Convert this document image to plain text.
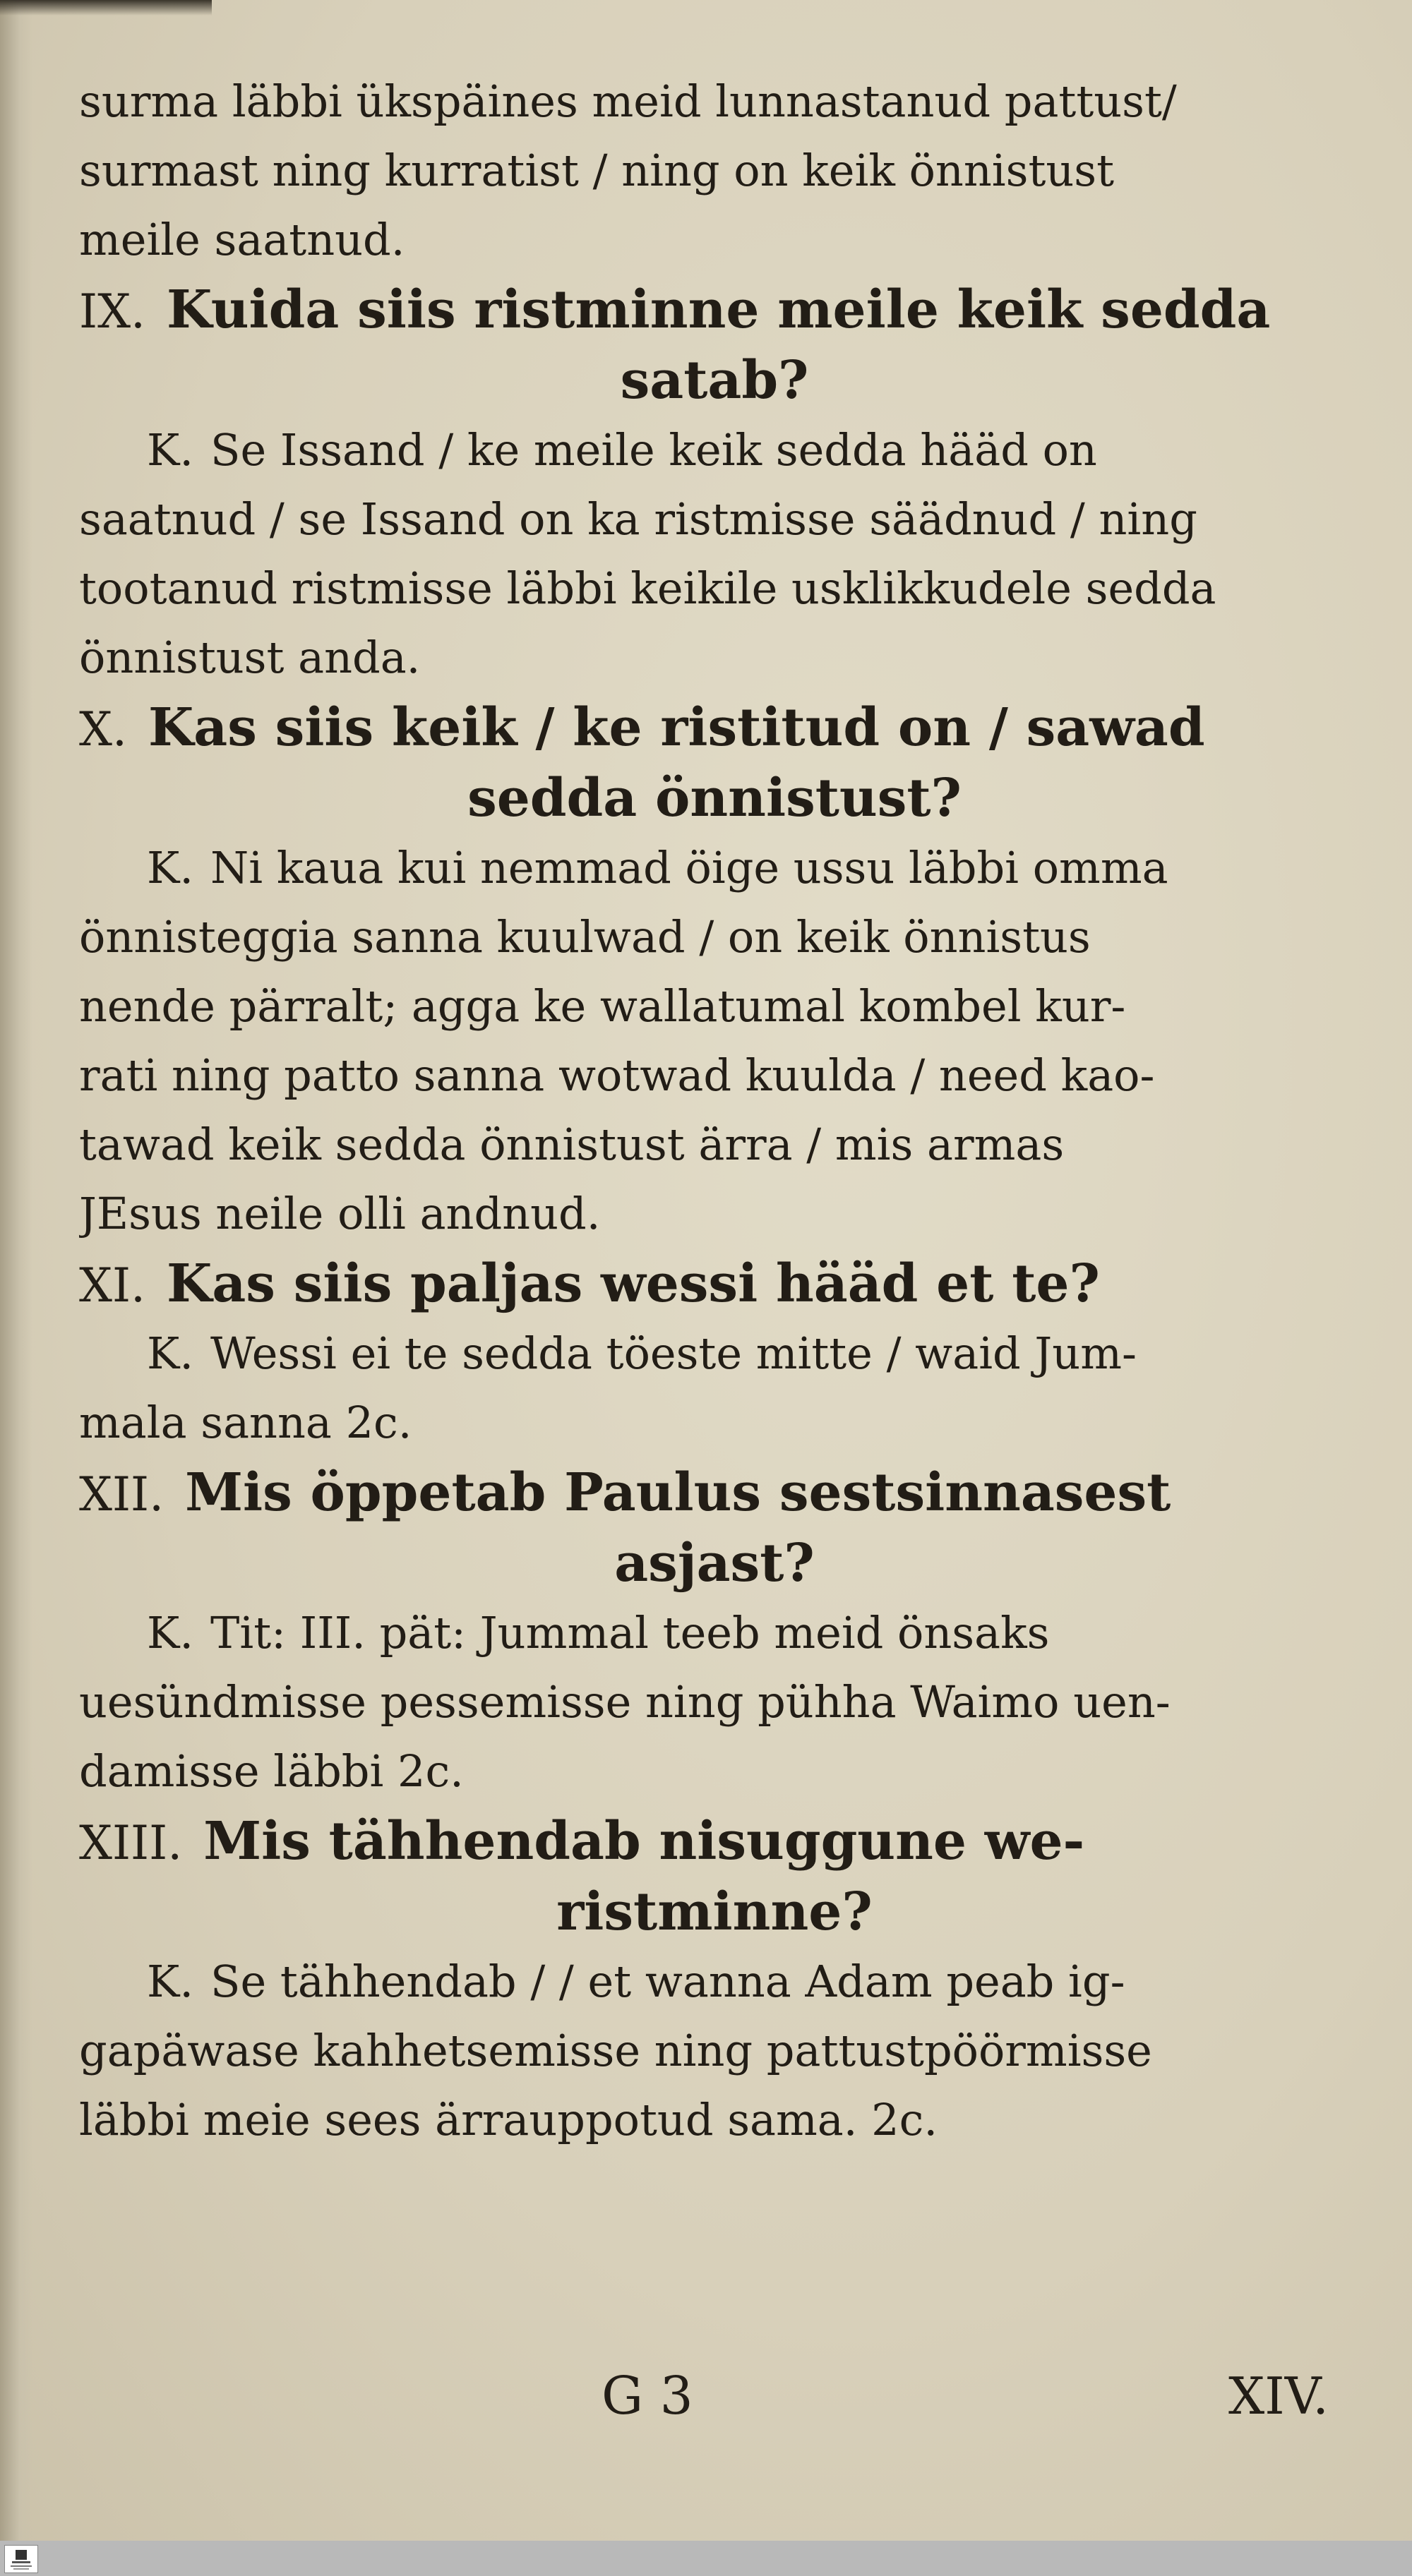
surma läbbi ükspäines meid lunnastanud pattust/
surmast ning kurratist / ning on keik önnistust
meile saatnud.
IX. Kuida siis ristminne meile keik sedda
satab?
K. Se Issand / ke meile keik sedda hääd on
saatnud / se Issand on ka ristmisse säädnud / ning
tootanud ristmisse läbbi keikile usklikkudele sedda
önnistust anda.
X. Kas siis keik / ke ristitud on / sawad
sedda önnistust?
K. Ni kaua kui nemmad öige ussu läbbi omma
önnisteggia sanna kuulwad / on keik önnistus
nende pärralt; agga ke wallatumal kombel kur-
rati ning patto sanna wotwad kuulda / need kao-
tawad keik sedda önnistust ärra / mis armas
JEsus neile olli andnud.
XI. Kas siis paljas wessi hääd et te?
K. Wessi ei te sedda töeste mitte / waid Jum-
mala sanna 2c.
XII. Mis öppetab Paulus sestsinnasest
asjast?
K. Tit: III. pät: Jummal teeb meid önsaks
uesündmisse pessemisse ning pühha Waimo uen-
damisse läbbi 2c.
XIII. Mis tähhendab nisuggune we-
ristminne?
K. Se tähhendab / / et wanna Adam peab ig-
gapäwase kahhetsemisse ning pattustpöörmisse
läbbi meie sees ärrauppotud sama. 2c.
G 3	XIV.
